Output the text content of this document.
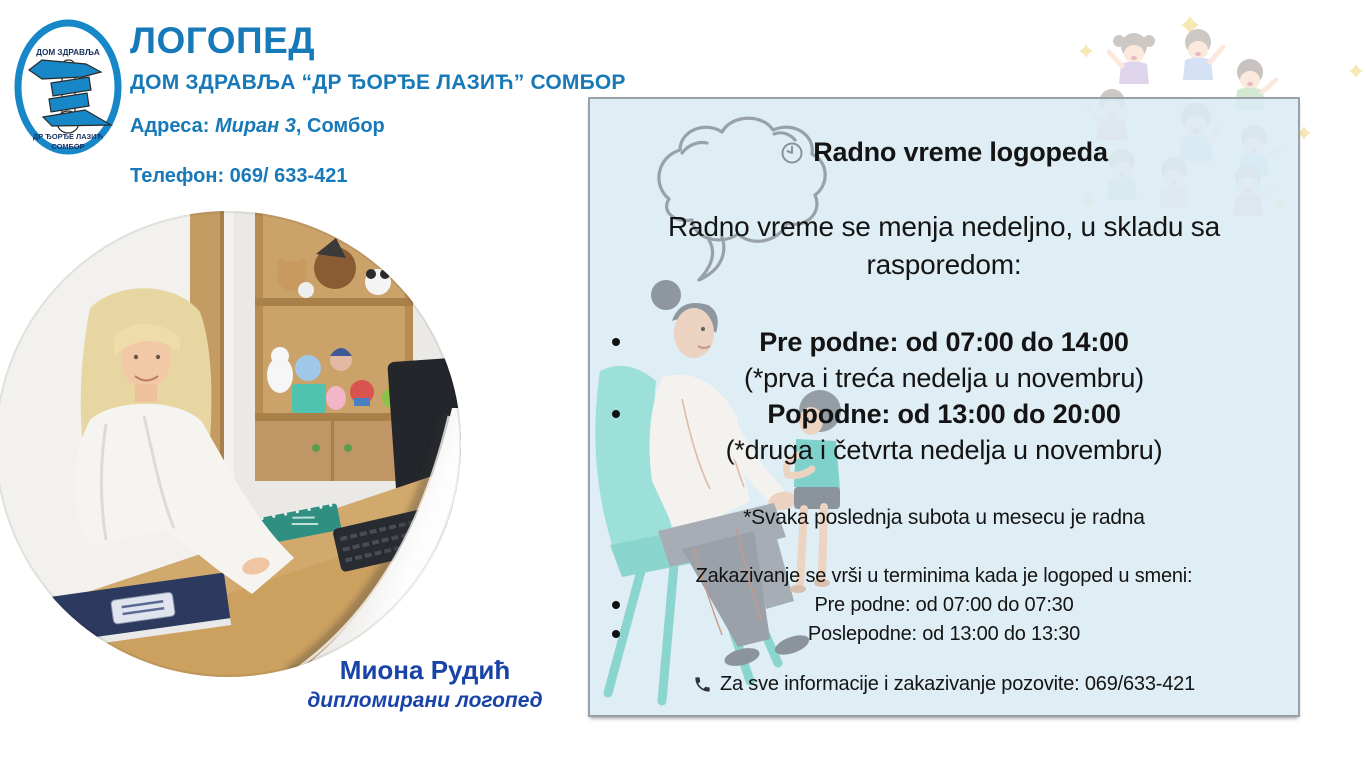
ДОМ ЗДРАВЉА
ДР ЂОРЂЕ ЛАЗИЋ
СОМБОР
ЛОГОПЕД
ДОМ ЗДРАВЉА “ДР ЂОРЂЕ ЛАЗИЋ” СОМБОР
Адреса: Миран 3, Сомбор
Телефон: 069/ 633-421
Миона Рудић
дипломирани логопед
Radno vreme logopeda
Radno vreme se menja nedeljno, u skladu sa rasporedom:
Pre podne: od 07:00 do 14:00
(*prva i treća nedelja u novembru)
Popodne: od 13:00 do 20:00
(*druga i četvrta nedelja u novembru)
*Svaka poslednja subota u mesecu je radna
Zakazivanje se vrši u terminima kada je logoped u smeni:
Pre podne: od 07:00 do 07:30
Poslepodne: od 13:00 do 13:30
Za sve informacije i zakazivanje pozovite: 069/633-421
